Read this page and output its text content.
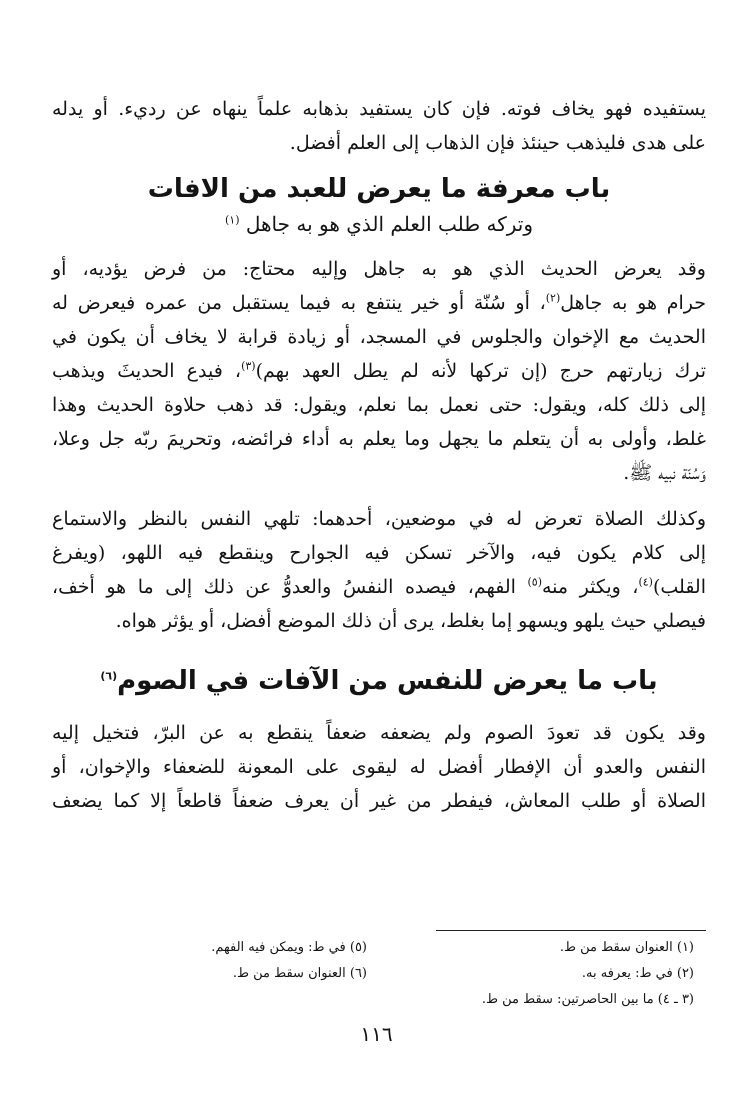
يستفيده فهو يخاف فوته. فإن كان يستفيد بذهابه علماً ينهاه عن رديء. أو يدله
على هدى فليذهب حينئذ فإن الذهاب إلى العلم أفضل.

باب معرفة ما يعرض للعبد من الافات

وتركه طلب العلم الذي هو به جاهل $^{(١)}$

وقد يعرض الحديث الذي هو به جاهل وإليه محتاج: من فرض يؤديه، أو
حرام هو به جاهل$^{(٢)}$، أو سُنّة أو خير ينتفع به فيما يستقبل من عمره فيعرض له
الحديث مع الإخوان والجلوس في المسجد، أو زيادة قرابة لا يخاف أن يكون في
ترك زيارتهم حرج (إن تركها لأنه لم يطل العهد بهم)$^{(٣)}$، فيدع الحديثَ ويذهب
إلى ذلك كله، ويقول: حتى نعمل بما نعلم، ويقول: قد ذهب حلاوة الحديث وهذا
غلط، وأولى به أن يتعلم ما يجهل وما يعلم به أداء فرائضه، وتحريمَ ربّه جل وعلا،
وَسُنّة نبيه ﷺ.

وكذلك الصلاة تعرض له في موضعين، أحدهما: تلهي النفس بالنظر والاستماع
إلى كلام يكون فيه، والآخر تسكن فيه الجوارح وينقطع فيه اللهو، (ويفرغ
القلب)$^{(٤)}$، ويكثر منه$^{(٥)}$ الفهم، فيصده النفسُ والعدوُّ عن ذلك إلى ما هو أخف،
فيصلي حيث يلهو ويسهو إما بغلط، يرى أن ذلك الموضع أفضل، أو يؤثر هواه.

باب ما يعرض للنفس من الآفات في الصوم$^{(٦)}$

وقد يكون قد تعودَ الصوم ولم يضعفه ضعفاً ينقطع به عن البرّ، فتخيل إليه
النفس والعدو أن الإفطار أفضل له ليقوى على المعونة للضعفاء والإخوان، أو
الصلاة أو طلب المعاش، فيفطر من غير أن يعرف ضعفاً قاطعاً إلا كما يضعف

(١) العنوان سقط من ط.
(٥) في ط: ويمكن فيه الفهم.
(٢) في ط: يعرفه به.
(٦) العنوان سقط من ط.
(٣ ـ ٤) ما بين الحاصرتين: سقط من ط.
١١٦
